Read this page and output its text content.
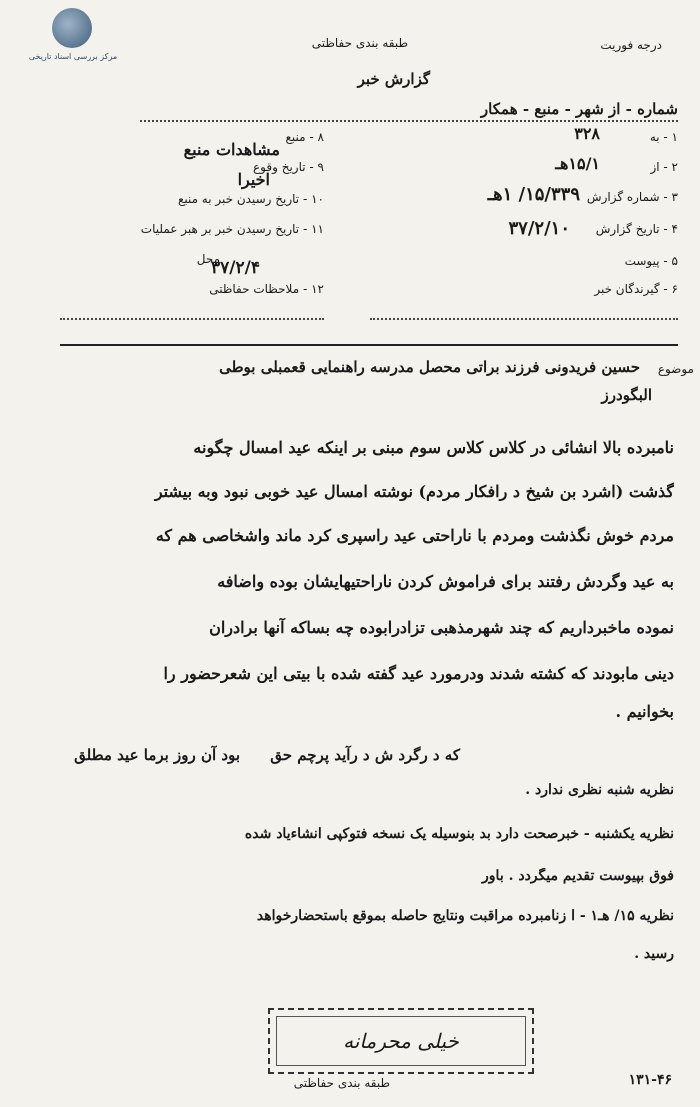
مرکز بررسی اسناد تاریخی
طبقه بندی حفاظتی	درجه فوریت
گزارش خبر
شماره - از شهر - منبع - همکار
۱ - به
۳۲۸
۲ - از
۱۵/۱هـ
۳ - شماره گزارش
۱۵/۳۳۹/ ۱هـ
۴ - تاریخ گزارش
۳۷/۲/۱۰
۵ - پیوست
۶ - گیرندگان خبر
۸ - منبع
مشاهدات منبع
۹ - تاریخ وقوع
اخیرا
۱۰ - تاریخ رسیدن خبر به منبع
۱۱ - تاریخ رسیدن خبر بر هبر عملیات
محل
۳۷/۲/۴
۱۲ - ملاحظات حفاظتی
موضوع
حسین فریدونی فرزند براتی محصل مدرسه راهنمایی قعمبلی بوطی
البگودرز
نامبرده بالا انشائی در کلاس کلاس سوم مبنی بر اینکه عید امسال چگونه
گذشت (اشرد بن شیخ د رافکار مردم) نوشته امسال عید خوبی نبود وبه بیشتر
مردم خوش نگذشت ومردم با ناراحتی عید راسپری کرد ماند واشخاصی هم که
به عید وگردش رفتند برای فراموش کردن ناراحتیهایشان بوده واضافه
نموده ماخبرداریم که چند شهرمذهبی تزادرابوده چه بساکه آنها برادران
دینی مابودند که کشته شدند ودرمورد عید گفته شده با بیتی این شعرحضور را
بخوانیم .
بود آن روز برما عید مطلق که د رگرد ش د رآید پرچم حق
نظریه شنبه نظری ندارد .
نظریه یکشنبه - خبرصحت دارد بد بنوسیله یک نسخه فتوکپی انشاءیاد شده
فوق بپیوست تقدیم میگردد . باور
نظریه ۱۵/ هـ۱ - ا زنامبرده مراقبت ونتایج حاصله بموقع باستحضارخواهد
رسید .
خیلی محرمانه
طبقه بندی حفاظتی	۱۳۱-۴۶
